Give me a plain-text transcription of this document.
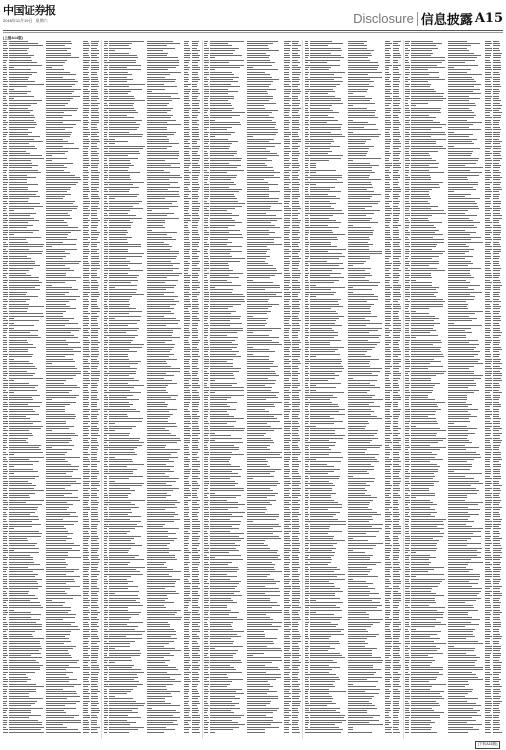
中国证券报
2016年11月19日 星期六	Disclosure 信息披露 A15
(上接A14版)
(下转A16版)
